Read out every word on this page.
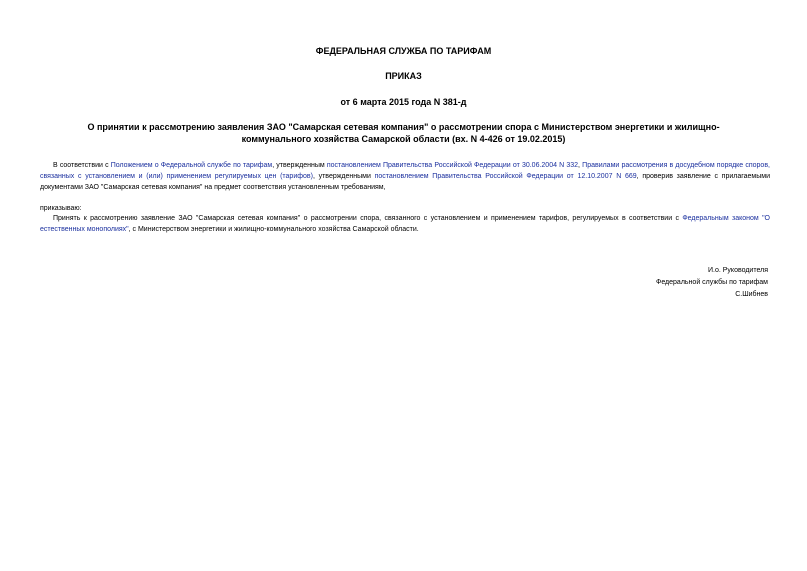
ФЕДЕРАЛЬНАЯ СЛУЖБА ПО ТАРИФАМ
ПРИКАЗ
от 6 марта 2015 года N 381-д
О принятии к рассмотрению заявления ЗАО "Самарская сетевая компания" о рассмотрении спора с Министерством энергетики и жилищно-коммунального хозяйства Самарской области (вх. N 4-426 от 19.02.2015)
В соответствии с Положением о Федеральной службе по тарифам, утвержденным постановлением Правительства Российской Федерации от 30.06.2004 N 332, Правилами рассмотрения в досудебном порядке споров, связанных с установлением и (или) применением регулируемых цен (тарифов), утвержденными постановлением Правительства Российской Федерации от 12.10.2007 N 669, проверив заявление с прилагаемыми документами ЗАО "Самарская сетевая компания" на предмет соответствия установленным требованиям,
приказываю:
Принять к рассмотрению заявление ЗАО "Самарская сетевая компания" о рассмотрении спора, связанного с установлением и применением тарифов, регулируемых в соответствии с Федеральным законом "О естественных монополиях", с Министерством энергетики и жилищно-коммунального хозяйства Самарской области.
И.о. Руководителя
Федеральной службы по тарифам
С.Шибнев
